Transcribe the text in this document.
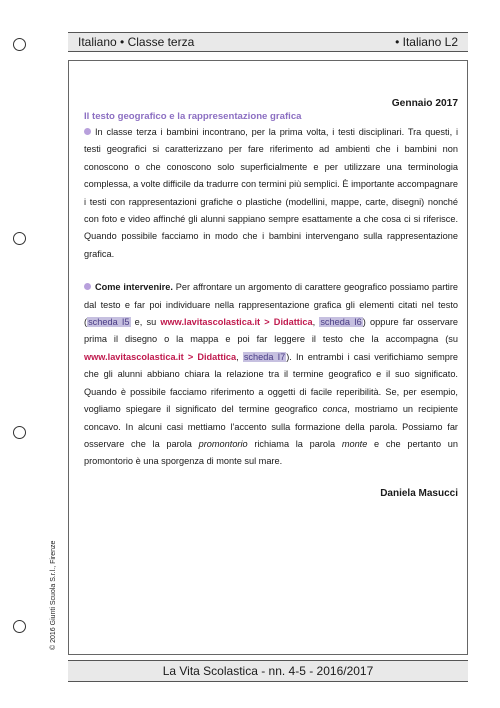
Italiano • Classe terza	• Italiano L2
Gennaio 2017
Il testo geografico e la rappresentazione grafica

In classe terza i bambini incontrano, per la prima volta, i testi disciplinari. Tra questi, i testi geografici si caratterizzano per fare riferimento ad ambienti che i bambini non conoscono o che conoscono solo superficialmente e per utilizzare una terminologia complessa, a volte difficile da tradurre con termini più semplici. È importante accompagnare i testi con rappresentazioni grafiche o plastiche (modellini, mappe, carte, disegni) nonché con foto e video affinché gli alunni sappiano sempre esattamente a che cosa ci si riferisce. Quando possibile facciamo in modo che i bambini intervengano sulla rappresentazione grafica.

Come intervenire. Per affrontare un argomento di carattere geografico possiamo partire dal testo e far poi individuare nella rappresentazione grafica gli elementi citati nel testo (scheda I5 e, su www.lavitascolastica.it > Didattica, scheda I6) oppure far osservare prima il disegno o la mappa e poi far leggere il testo che la accompagna (su www.lavitascolastica.it > Didattica, scheda I7). In entrambi i casi verifichiamo sempre che gli alunni abbiano chiara la relazione tra il termine geografico e il suo significato. Quando è possibile facciamo riferimento a oggetti di facile reperibilità. Se, per esempio, vogliamo spiegare il significato del termine geografico conca, mostriamo un recipiente concavo. In alcuni casi mettiamo l’accento sulla formazione della parola. Possiamo far osservare che la parola promontorio richiama la parola monte e che pertanto un promontorio è una sporgenza di monte sul mare.

Daniela Masucci
© 2016 Giunti Scuola S.r.l., Firenze
La Vita Scolastica - nn. 4-5 - 2016/2017
